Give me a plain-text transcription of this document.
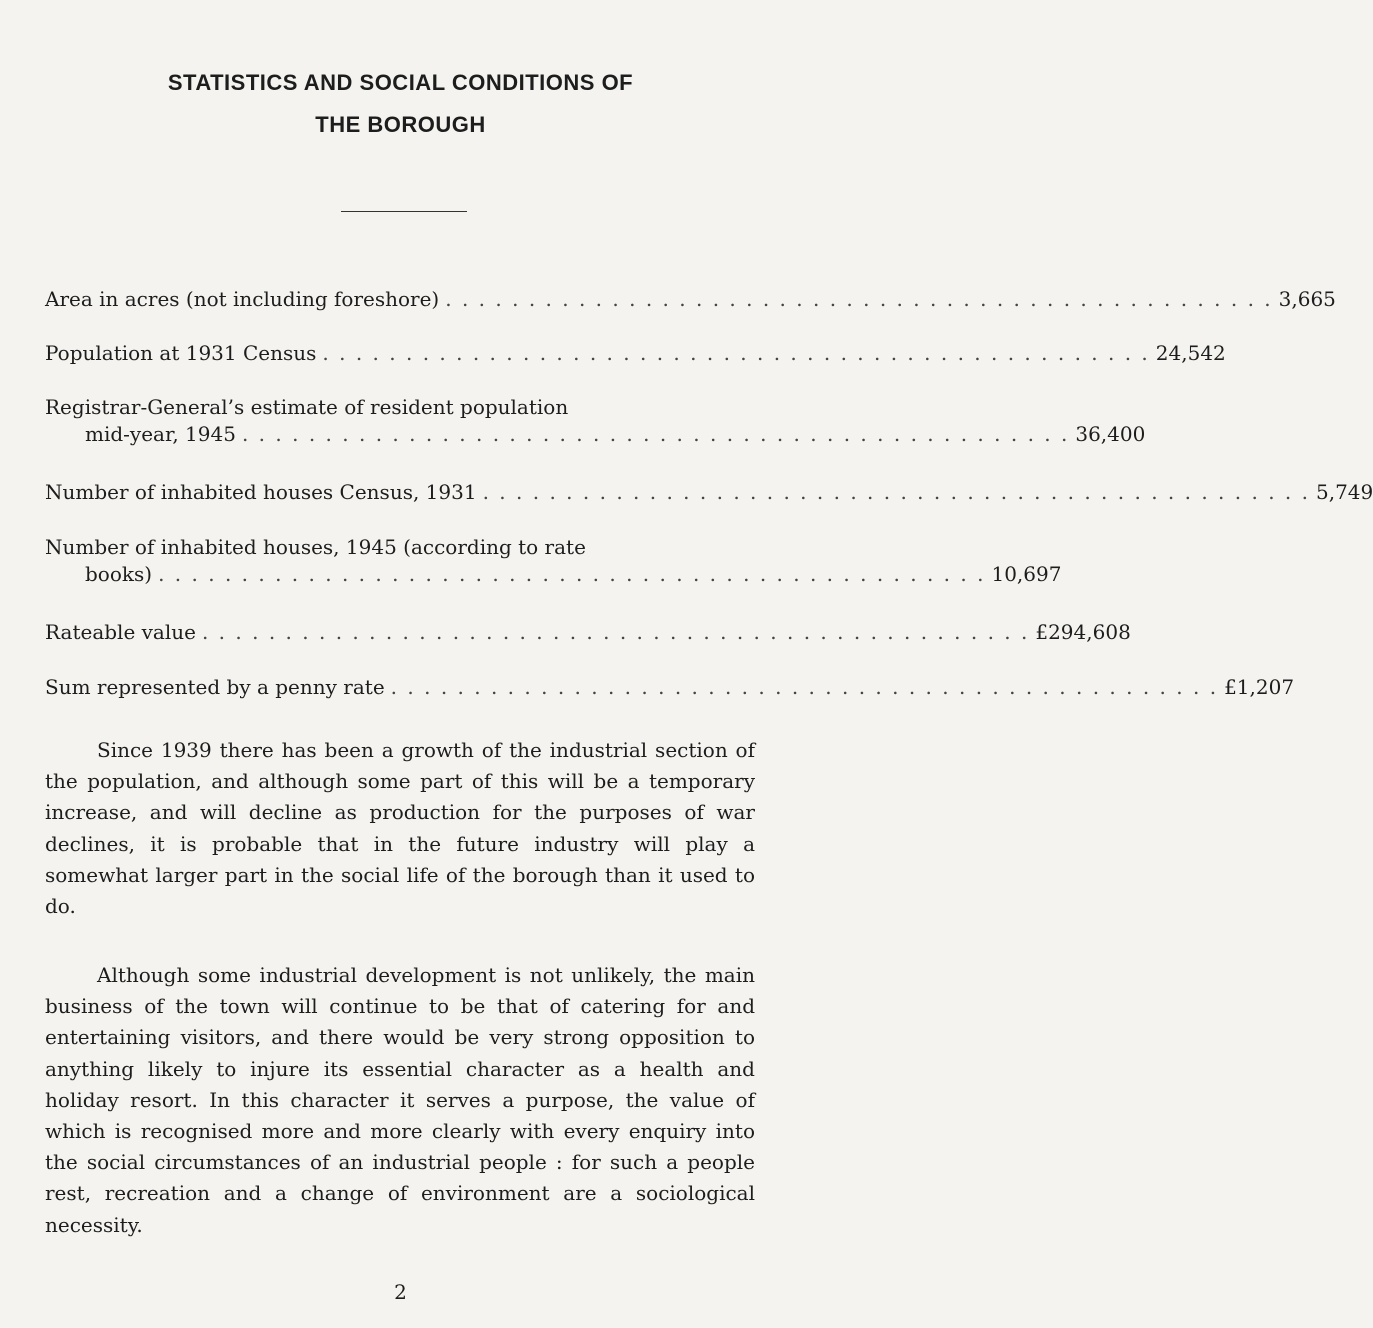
STATISTICS AND SOCIAL CONDITIONS OF
THE BOROUGH
Area in acres (not including foreshore) . . . . . . . . . . . . . . . . . . . . . . . . . . . . . . . . . . . . . . . . . . . . . . . . . . 3,665
Population at 1931 Census . . . . . . . . . . . . . . . . . . . . . . . . . . . . . . . . . . . . . . . . . . . . . . . . . . 24,542
Registrar-General’s estimate of resident population
mid-year, 1945 . . . . . . . . . . . . . . . . . . . . . . . . . . . . . . . . . . . . . . . . . . . . . . . . . . 36,400
Number of inhabited houses Census, 1931 . . . . . . . . . . . . . . . . . . . . . . . . . . . . . . . . . . . . . . . . . . . . . . . . . . 5,749
Number of inhabited houses, 1945 (according to rate
books) . . . . . . . . . . . . . . . . . . . . . . . . . . . . . . . . . . . . . . . . . . . . . . . . . . 10,697
Rateable value . . . . . . . . . . . . . . . . . . . . . . . . . . . . . . . . . . . . . . . . . . . . . . . . . . £294,608
Sum represented by a penny rate . . . . . . . . . . . . . . . . . . . . . . . . . . . . . . . . . . . . . . . . . . . . . . . . . . £1,207

Since 1939 there has been a growth of the industrial section of the population, and although some part of this will be a temporary increase, and will decline as production for the purposes of war declines, it is probable that in the future industry will play a somewhat larger part in the social life of the borough than it used to do.

Although some industrial development is not unlikely, the main business of the town will continue to be that of catering for and entertaining visitors, and there would be very strong opposition to anything likely to injure its essential character as a health and holiday resort. In this character it serves a purpose, the value of which is recognised more and more clearly with every enquiry into the social circumstances of an industrial people : for such a people rest, recreation and a change of environment are a sociological necessity.

2
